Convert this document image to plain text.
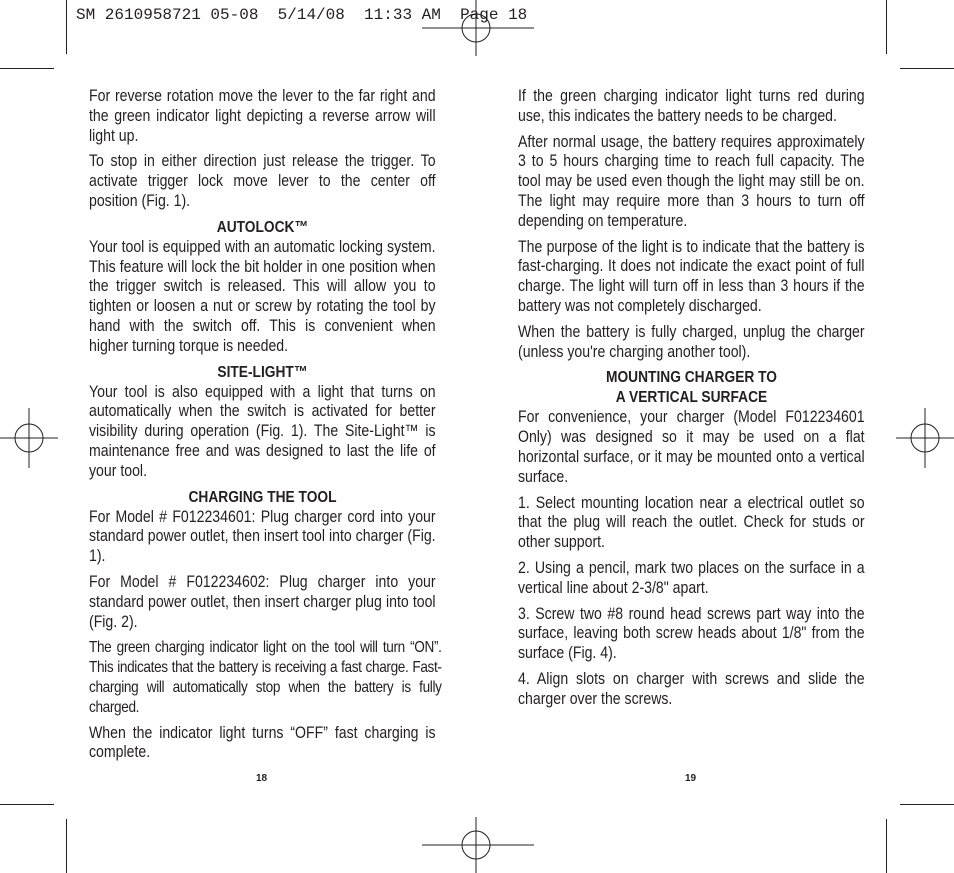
SM 2610958721 05-08  5/14/08  11:33 AM  Page 18

For reverse rotation move the lever to the far right and the green indicator light depicting a reverse arrow will light up.

To stop in either direction just release the trigger. To activate trigger lock move lever to the center off position (Fig. 1).

AUTOLOCK™

Your tool is equipped with an automatic locking system. This feature will lock the bit holder in one position when the trigger switch is released. This will allow you to tighten or loosen a nut or screw by rotating the tool by hand with the switch off. This is convenient when higher turning torque is needed.

SITE-LIGHT™

Your tool is also equipped with a light that turns on automatically when the switch is activated for better visibility during operation (Fig. 1). The Site-Light™ is maintenance free and was designed to last the life of your tool.

CHARGING THE TOOL

For Model # F012234601: Plug charger cord into your standard power outlet, then insert tool into charger (Fig. 1).

For Model # F012234602: Plug charger into your standard power outlet, then insert charger plug into tool (Fig. 2).

The green charging indicator light on the tool will turn “ON”. This indicates that the battery is receiving a fast charge. Fast-charging will automatically stop when the battery is fully charged.

When the indicator light turns “OFF” fast charging is complete.

18

If the green charging indicator light turns red during use, this indicates the battery needs to be charged.

After normal usage, the battery requires approximately 3 to 5 hours charging time to reach full capacity. The tool may be used even though the light may still be on. The light may require more than 3 hours to turn off depending on temperature.

The purpose of the light is to indicate that the battery is fast-charging. It does not indicate the exact point of full charge. The light will turn off in less than 3 hours if the battery was not completely discharged.

When the battery is fully charged, unplug the charger (unless you're charging another tool).

MOUNTING CHARGER TO
A VERTICAL SURFACE

For convenience, your charger (Model F012234601 Only) was designed so it may be used on a flat horizontal surface, or it may be mounted onto a vertical surface.

1. Select mounting location near a electrical outlet so that the plug will reach the outlet. Check for studs or other support.

2. Using a pencil, mark two places on the surface in a vertical line about 2-3/8" apart.

3. Screw two #8 round head screws part way into the surface, leaving both screw heads about 1/8" from the surface (Fig. 4).

4. Align slots on charger with screws and slide the charger over the screws.

19
